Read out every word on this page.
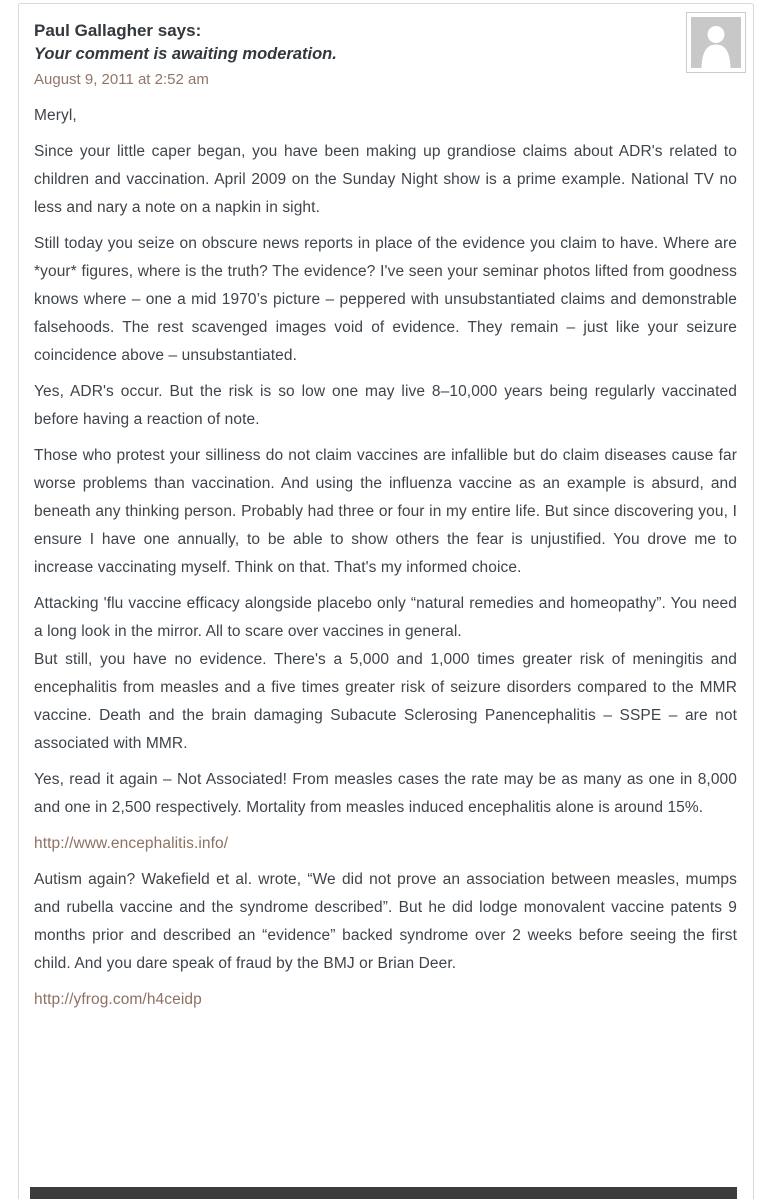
Paul Gallagher says:
Your comment is awaiting moderation.
August 9, 2011 at 2:52 am

Meryl,

Since your little caper began, you have been making up grandiose claims about ADR's related to children and vaccination. April 2009 on the Sunday Night show is a prime example. National TV no less and nary a note on a napkin in sight.

Still today you seize on obscure news reports in place of the evidence you claim to have. Where are *your* figures, where is the truth? The evidence? I've seen your seminar photos lifted from goodness knows where – one a mid 1970’s picture – peppered with unsubstantiated claims and demonstrable falsehoods. The rest scavenged images void of evidence. They remain – just like your seizure coincidence above – unsubstantiated.

Yes, ADR's occur. But the risk is so low one may live 8–10,000 years being regularly vaccinated before having a reaction of note.

Those who protest your silliness do not claim vaccines are infallible but do claim diseases cause far worse problems than vaccination. And using the influenza vaccine as an example is absurd, and beneath any thinking person. Probably had three or four in my entire life. But since discovering you, I ensure I have one annually, to be able to show others the fear is unjustified. You drove me to increase vaccinating myself. Think on that. That's my informed choice.

Attacking 'flu vaccine efficacy alongside placebo only “natural remedies and homeopathy”. You need a long look in the mirror. All to scare over vaccines in general.
But still, you have no evidence. There's a 5,000 and 1,000 times greater risk of meningitis and encephalitis from measles and a five times greater risk of seizure disorders compared to the MMR vaccine. Death and the brain damaging Subacute Sclerosing Panencephalitis – SSPE – are not associated with MMR.

Yes, read it again – Not Associated! From measles cases the rate may be as many as one in 8,000 and one in 2,500 respectively. Mortality from measles induced encephalitis alone is around 15%.

http://www.encephalitis.info/

Autism again? Wakefield et al. wrote, “We did not prove an association between measles, mumps and rubella vaccine and the syndrome described”. But he did lodge monovalent vaccine patents 9 months prior and described an “evidence” backed syndrome over 2 weeks before seeing the first child. And you dare speak of fraud by the BMJ or Brian Deer.

http://yfrog.com/h4ceidp
